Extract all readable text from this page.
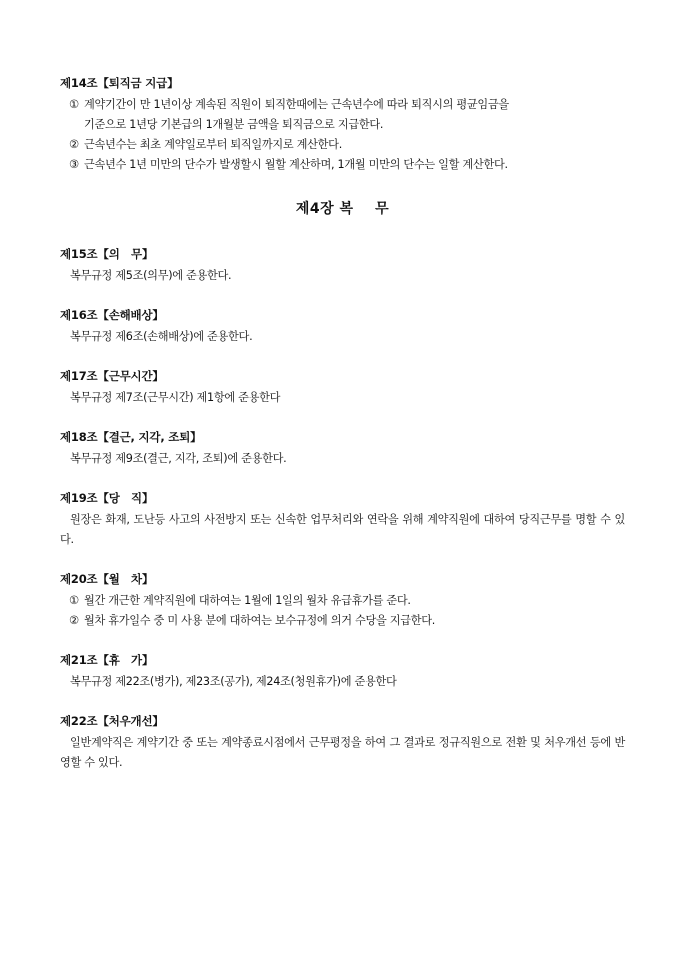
제14조【퇴직금 지급】
① 계약기간이 만 1년이상 계속된 직원이 퇴직한때에는 근속년수에 따라 퇴직시의 평균임금을
기준으로 1년당 기본급의 1개월분 금액을 퇴직금으로 지급한다.
② 근속년수는 최초 계약일로부터 퇴직일까지로 계산한다.
③ 근속년수 1년 미만의 단수가 발생할시 월할 계산하며, 1개월 미만의 단수는 일할 계산한다.
제4장 복    무
제15조【의   무】
복무규정 제5조(의무)에 준용한다.
제16조【손해배상】
복무규정 제6조(손해배상)에 준용한다.
제17조【근무시간】
복무규정 제7조(근무시간) 제1항에 준용한다
제18조【결근, 지각, 조퇴】
복무규정 제9조(결근, 지각, 조퇴)에 준용한다.
제19조【당   직】
원장은 화재, 도난등 사고의 사전방지 또는 신속한 업무처리와 연락을 위해 계약직원에 대하여 당직근무를 명할 수 있다.
제20조【월   차】
① 월간 개근한 계약직원에 대하여는 1월에 1일의 월차 유급휴가를 준다.
② 월차 휴가일수 중 미 사용 분에 대하여는 보수규정에 의거 수당을 지급한다.
제21조【휴   가】
복무규정 제22조(병가), 제23조(공가), 제24조(청원휴가)에 준용한다
제22조【처우개선】
일반계약직은 계약기간 중 또는 계약종료시점에서 근무평정을 하여 그 결과로 정규직원으로 전환 및 처우개선 등에 반영할 수 있다.
